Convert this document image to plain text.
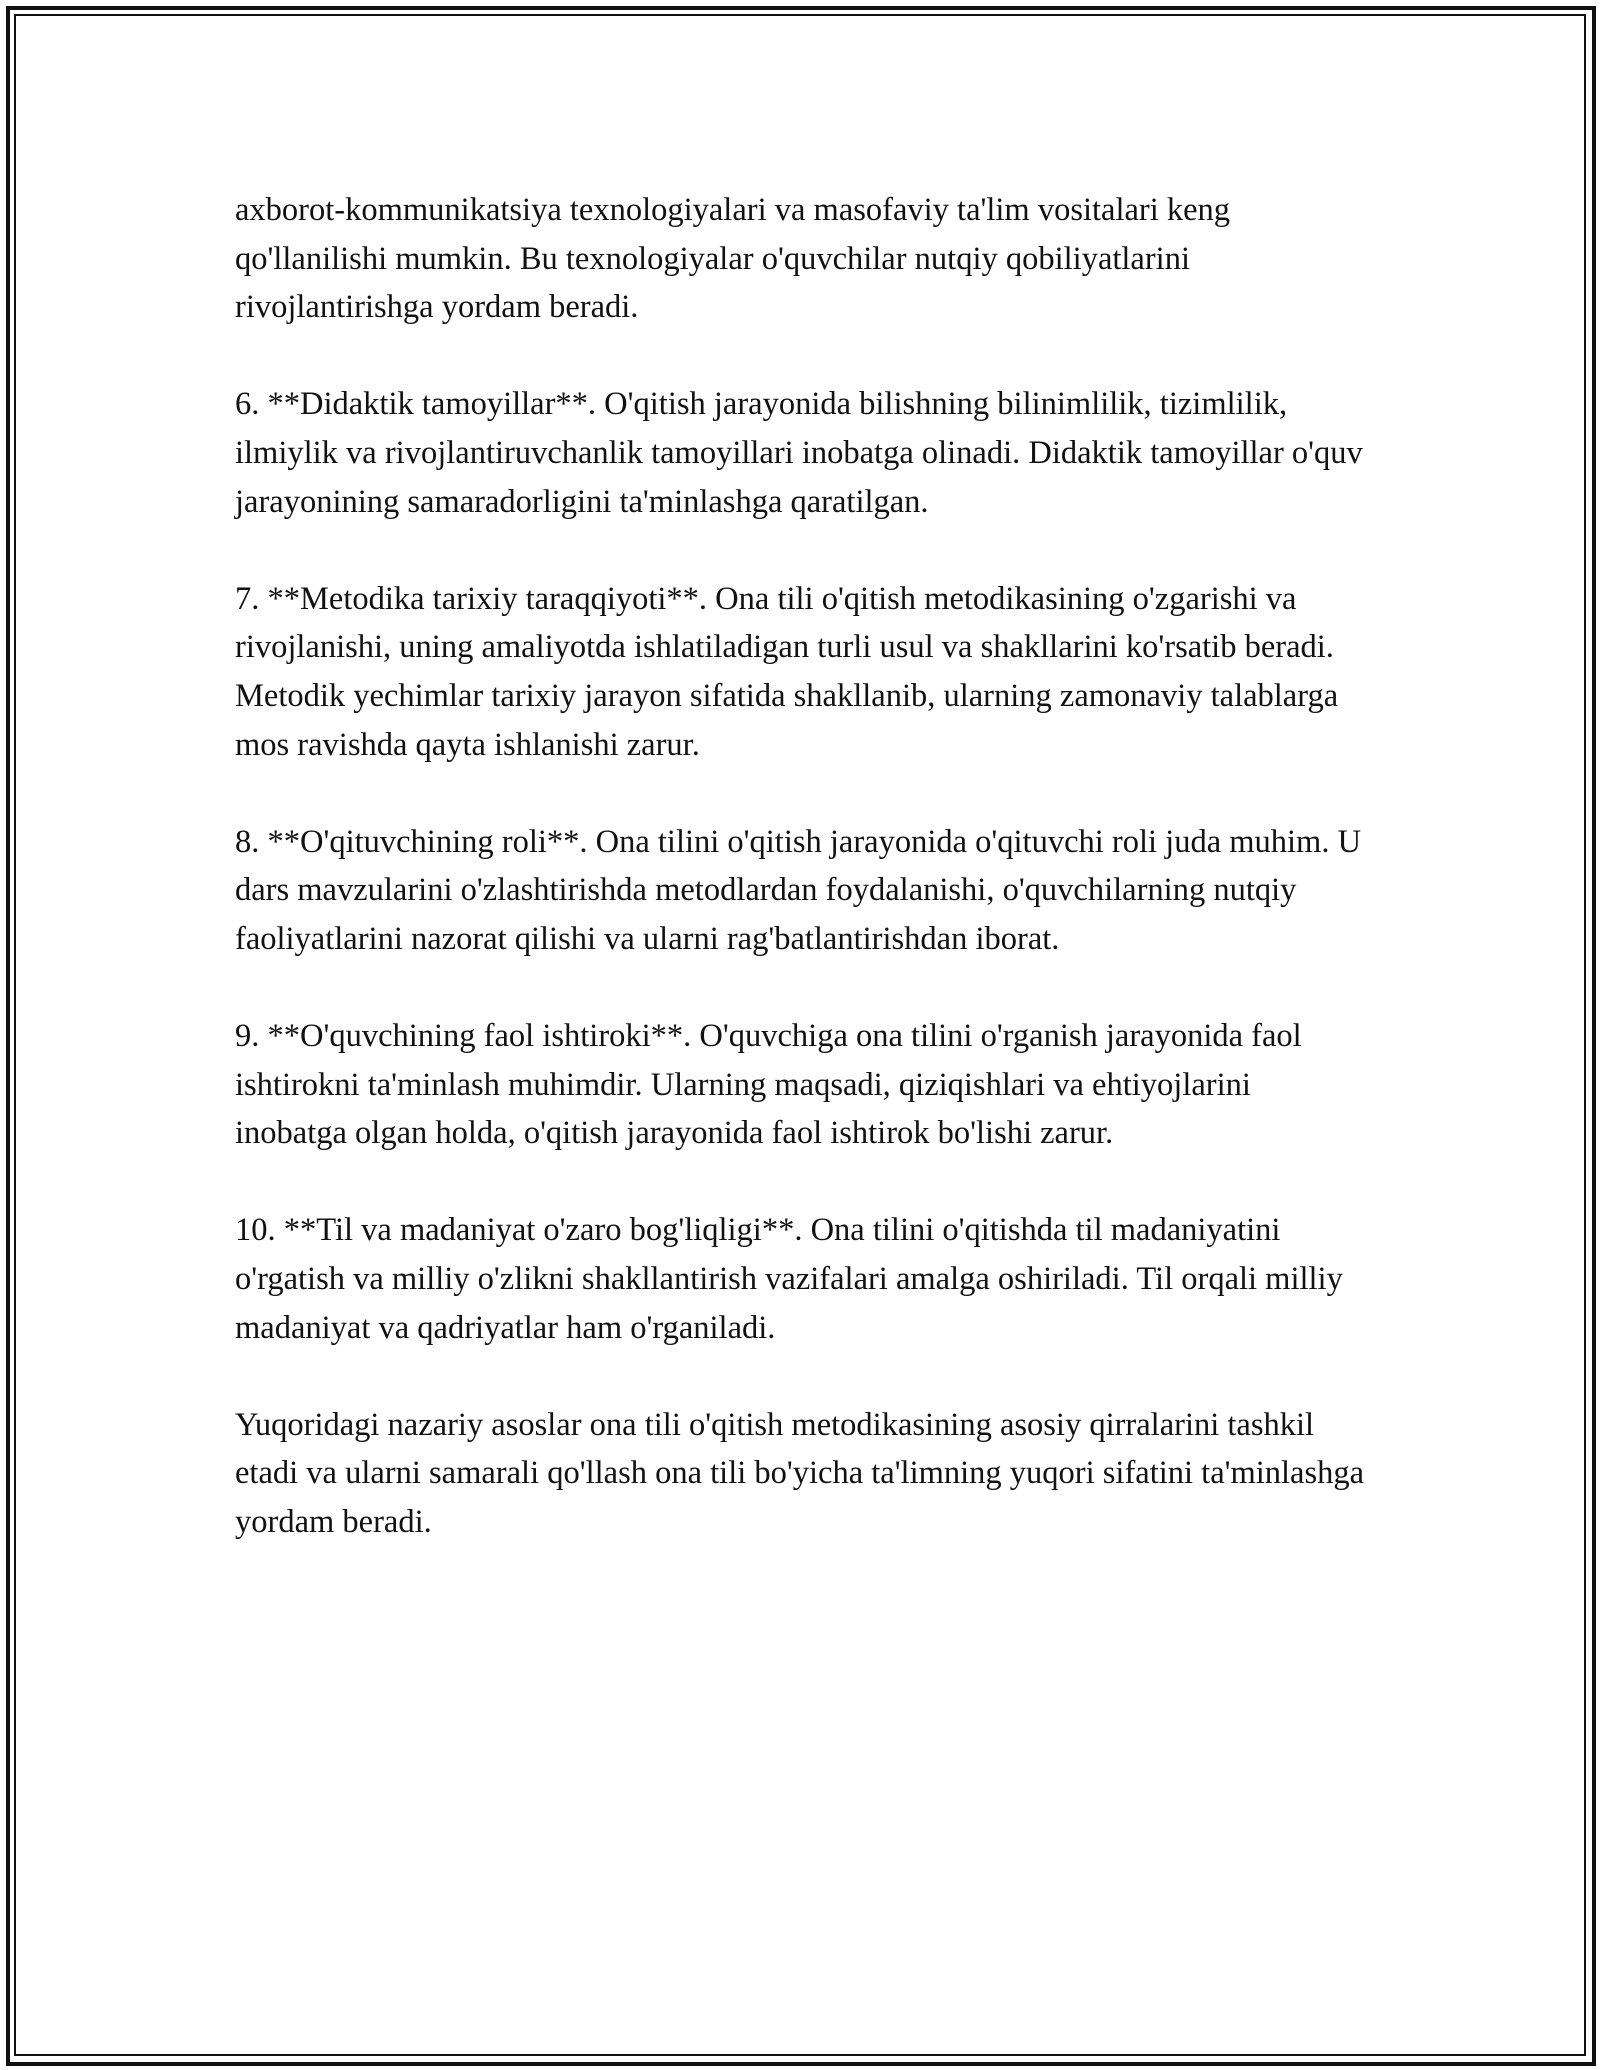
axborot-kommunikatsiya texnologiyalari va masofaviy ta'lim vositalari keng qo'llanilishi mumkin. Bu texnologiyalar o'quvchilar nutqiy qobiliyatlarini rivojlantirishga yordam beradi.

6. **Didaktik tamoyillar**. O'qitish jarayonida bilishning bilinimlilik, tizimlilik, ilmiylik va rivojlantiruvchanlik tamoyillari inobatga olinadi. Didaktik tamoyillar o'quv jarayonining samaradorligini ta'minlashga qaratilgan.

7. **Metodika tarixiy taraqqiyoti**. Ona tili o'qitish metodikasining o'zgarishi va rivojlanishi, uning amaliyotda ishlatiladigan turli usul va shakllarini ko'rsatib beradi. Metodik yechimlar tarixiy jarayon sifatida shakllanib, ularning zamonaviy talablarga mos ravishda qayta ishlanishi zarur.

8. **O'qituvchining roli**. Ona tilini o'qitish jarayonida o'qituvchi roli juda muhim. U dars mavzularini o'zlashtirishda metodlardan foydalanishi, o'quvchilarning nutqiy faoliyatlarini nazorat qilishi va ularni rag'batlantirishdan iborat.

9. **O'quvchining faol ishtiroki**. O'quvchiga ona tilini o'rganish jarayonida faol ishtirokni ta'minlash muhimdir. Ularning maqsadi, qiziqishlari va ehtiyojlarini inobatga olgan holda, o'qitish jarayonida faol ishtirok bo'lishi zarur.

10. **Til va madaniyat o'zaro bog'liqligi**. Ona tilini o'qitishda til madaniyatini o'rgatish va milliy o'zlikni shakllantirish vazifalari amalga oshiriladi. Til orqali milliy madaniyat va qadriyatlar ham o'rganiladi.

Yuqoridagi nazariy asoslar ona tili o'qitish metodikasining asosiy qirralarini tashkil etadi va ularni samarali qo'llash ona tili bo'yicha ta'limning yuqori sifatini ta'minlashga yordam beradi.
